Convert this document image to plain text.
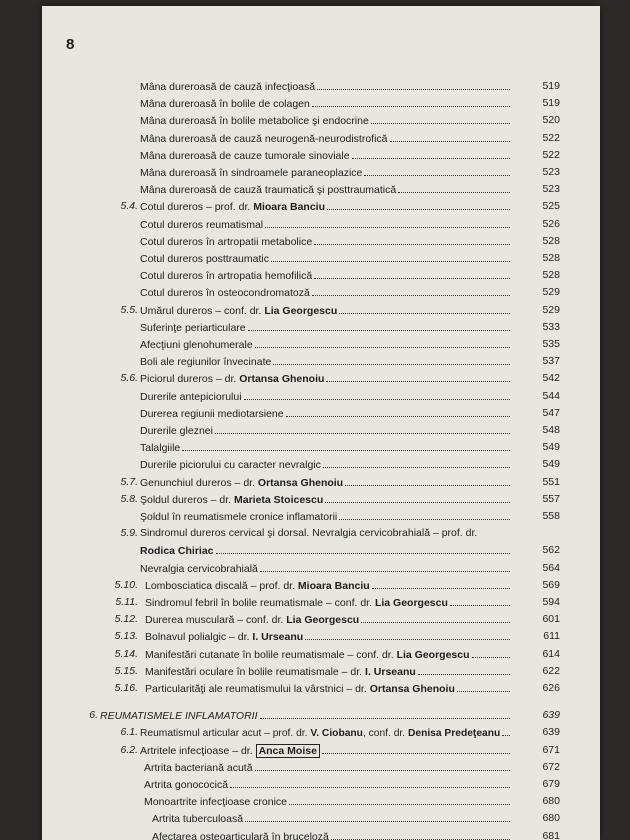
8
Mâna dureroasă de cauză infecţioasă	519
Mâna dureroasă în bolile de colagen	519
Mâna dureroasă în bolile metabolice şi endocrine	520
Mâna dureroasă de cauză neurogenă-neurodistrofică	522
Mâna dureroasă de cauze tumorale sinoviale	522
Mâna dureroasă în sindroamele paraneoplazice	523
Mâna dureroasă de cauză traumatică şi posttraumatică	523
5.4. Cotul dureros – prof. dr. Mioara Banciu	525
Cotul dureros reumatismal	526
Cotul dureros în artropatii metabolice	528
Cotul dureros posttraumatic	528
Cotul dureros în artropatia hemofilică	528
Cotul dureros în osteocondromatoză	529
5.5. Umărul dureros – conf. dr. Lia Georgescu	529
Suferinţe periarticulare	533
Afecţiuni glenohumerale	535
Boli ale regiunilor învecinate	537
5.6. Piciorul dureros – dr. Ortansa Ghenoiu	542
Durerile antepiciorului	544
Durerea regiunii mediotarsiene	547
Durerile gleznei	548
Talalgiile	549
Durerile piciorului cu caracter nevralgic	549
5.7. Genunchiul dureros – dr. Ortansa Ghenoiu	551
5.8. Şoldul dureros – dr. Marieta Stoicescu	557
Şoldul în reumatismele cronice inflamatorii	558
5.9. Sindromul dureros cervical şi dorsal. Nevralgia cervicobrahială – prof. dr.
Rodica Chiriac	562
Nevralgia cervicobrahială	564
5.10. Lombosciatica discală – prof. dr. Mioara Banciu	569
5.11. Sindromul febril în bolile reumatismale – conf. dr. Lia Georgescu	594
5.12. Durerea musculară – conf. dr. Lia Georgescu	601
5.13. Bolnavul polialgic – dr. I. Urseanu	611
5.14. Manifestări cutanate în bolile reumatismale – conf. dr. Lia Georgescu	614
5.15. Manifestări oculare în bolile reumatismale – dr. I. Urseanu	622
5.16. Particularităţi ale reumatismului la vârstnici – dr. Ortansa Ghenoiu	626
6. REUMATISMELE INFLAMATORII	639
6.1. Reumatismul articular acut – prof. dr. V. Ciobanu, conf. dr. Denisa Predeţeanu	639
6.2. Artritele infecţioase – dr. Anca Moise	671
Artrita bacteriană acută	672
Artrita gonococică	679
Monoartrite infecţioase cronice	680
Artrita tuberculoasă	680
Afectarea osteoarticulară în bruceloză	681
